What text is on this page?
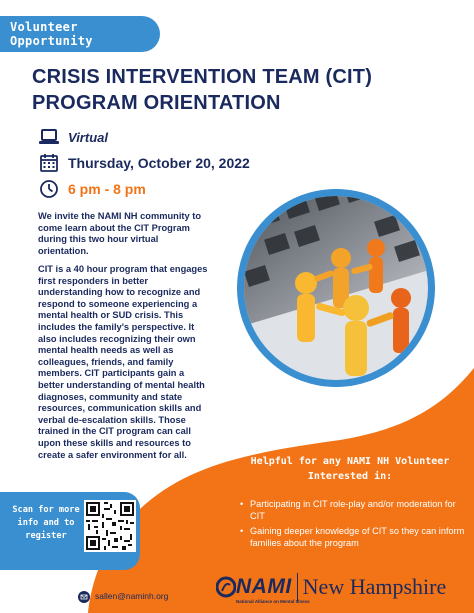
Volunteer Opportunity
CRISIS INTERVENTION TEAM (CIT)
PROGRAM ORIENTATION
Virtual
Thursday, October 20, 2022
6 pm - 8 pm
We invite the NAMI NH community to come learn about the CIT Program during this two hour virtual orientation.
CIT is a 40 hour program that engages first responders in better understanding how to recognize and respond to someone experiencing a mental health or SUD crisis. This includes the family's perspective. It also includes recognizing their own mental health needs as well as colleagues, friends, and family members. CIT participants gain a better understanding of mental health diagnoses, community and state resources, communication skills and verbal de-escalation skills. Those trained in the CIT program can call upon these skills and resources to create a safer environment for all.
Helpful for any NAMI NH Volunteer
Interested in:
• Participating in CIT role-play and/or moderation for CIT
• Gaining deeper knowledge of CIT so they can inform families about the program
Scan for more
info and to
register
sallen@naminh.org	NAMI
National Alliance on Mental Illness
New Hampshire
